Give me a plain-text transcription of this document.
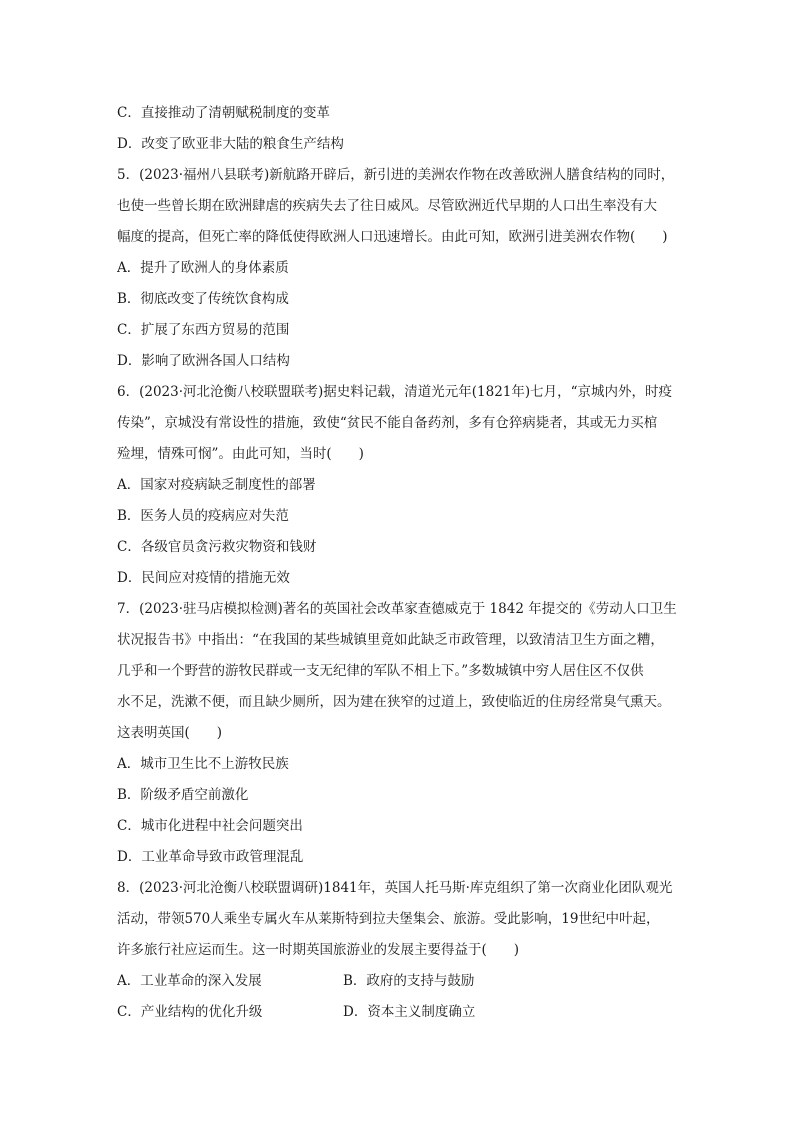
C．直接推动了清朝赋税制度的变革
D．改变了欧亚非大陆的粮食生产结构
5．(2023·福州八县联考)新航路开辟后，新引进的美洲农作物在改善欧洲人膳食结构的同时，
也使一些曾长期在欧洲肆虐的疾病失去了往日威风。尽管欧洲近代早期的人口出生率没有大
幅度的提高，但死亡率的降低使得欧洲人口迅速增长。由此可知，欧洲引进美洲农作物(　　)
A．提升了欧洲人的身体素质
B．彻底改变了传统饮食构成
C．扩展了东西方贸易的范围
D．影响了欧洲各国人口结构
6．(2023·河北沧衡八校联盟联考)据史料记载，清道光元年(1821年)七月，“京城内外，时疫
传染”，京城没有常设性的措施，致使“贫民不能自备药剂，多有仓猝病毙者，其或无力买棺
殓埋，情殊可悯”。由此可知，当时(　　)
A．国家对疫病缺乏制度性的部署
B．医务人员的疫病应对失范
C．各级官员贪污救灾物资和钱财
D．民间应对疫情的措施无效
7．(2023·驻马店模拟检测)著名的英国社会改革家查德威克于 1842 年提交的《劳动人口卫生
状况报告书》中指出：“在我国的某些城镇里竟如此缺乏市政管理，以致清洁卫生方面之糟，
几乎和一个野营的游牧民群或一支无纪律的军队不相上下。”多数城镇中穷人居住区不仅供
水不足，洗漱不便，而且缺少厕所，因为建在狭窄的过道上，致使临近的住房经常臭气熏天。
这表明英国(　　)
A．城市卫生比不上游牧民族
B．阶级矛盾空前激化
C．城市化进程中社会问题突出
D．工业革命导致市政管理混乱
8．(2023·河北沧衡八校联盟调研)1841年，英国人托马斯·库克组织了第一次商业化团队观光
活动，带领570人乘坐专属火车从莱斯特到拉夫堡集会、旅游。受此影响，19世纪中叶起，
许多旅行社应运而生。这一时期英国旅游业的发展主要得益于(　　)
A．工业革命的深入发展	B．政府的支持与鼓励
C．产业结构的优化升级	D．资本主义制度确立
